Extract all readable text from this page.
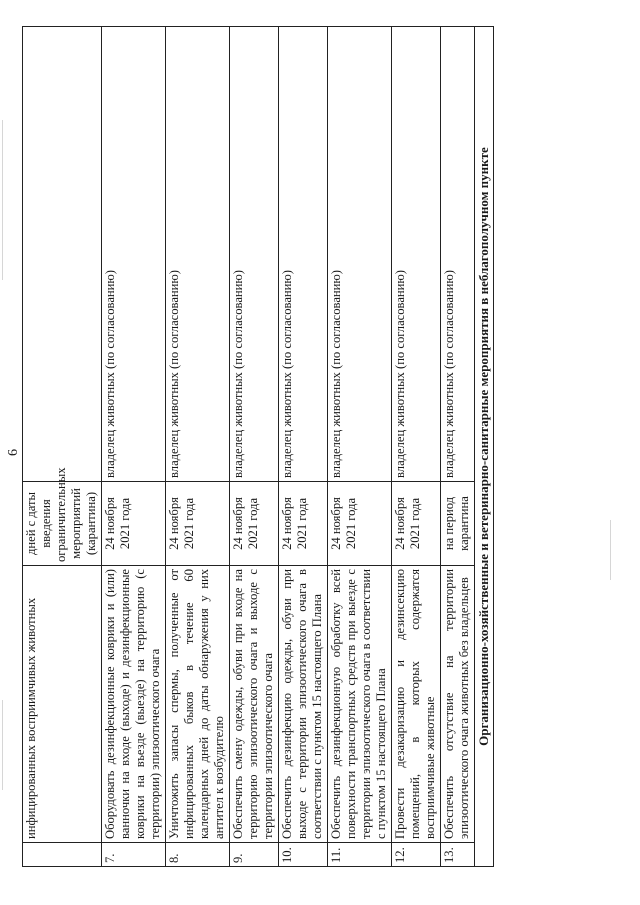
6
	инфицированных восприимчивых животных	дней с даты введения ограничительных мероприятий (карантина)	
7.	Оборудовать дезинфекционные коврики и (или) ванночки на входе (выходе) и дезинфекционные коврики на въезде (выезде) на территорию (с территории) эпизоотического очага	24 ноября 2021 года	владелец животных (по согласованию)
8.	Уничтожить запасы спермы, полученные от инфицированных быков в течение 60 календарных дней до даты обнаружения у них антител к возбудителю	24 ноября 2021 года	владелец животных (по согласованию)
9.	Обеспечить смену одежды, обуви при входе на территорию эпизоотического очага и выходе с территории эпизоотического очага	24 ноября 2021 года	владелец животных (по согласованию)
10.	Обеспечить дезинфекцию одежды, обуви при выходе с территории эпизоотического очага в соответствии с пунктом 15 настоящего Плана	24 ноября 2021 года	владелец животных (по согласованию)
11.	Обеспечить дезинфекционную обработку всей поверхности транспортных средств при выезде с территории эпизоотического очага в соответствии с пунктом 15 настоящего Плана	24 ноября 2021 года	владелец животных (по согласованию)
12.	Провести дезакаризацию и дезинсекцию помещений, в которых содержатся восприимчивые животные	24 ноября 2021 года	владелец животных (по согласованию)
13.	Обеспечить отсутствие на территории эпизоотического очага животных без владельцев	на период карантина	владелец животных (по согласованию)
Организационно-хозяйственные и ветеринарно-санитарные мероприятия в неблагополучном пункте			
